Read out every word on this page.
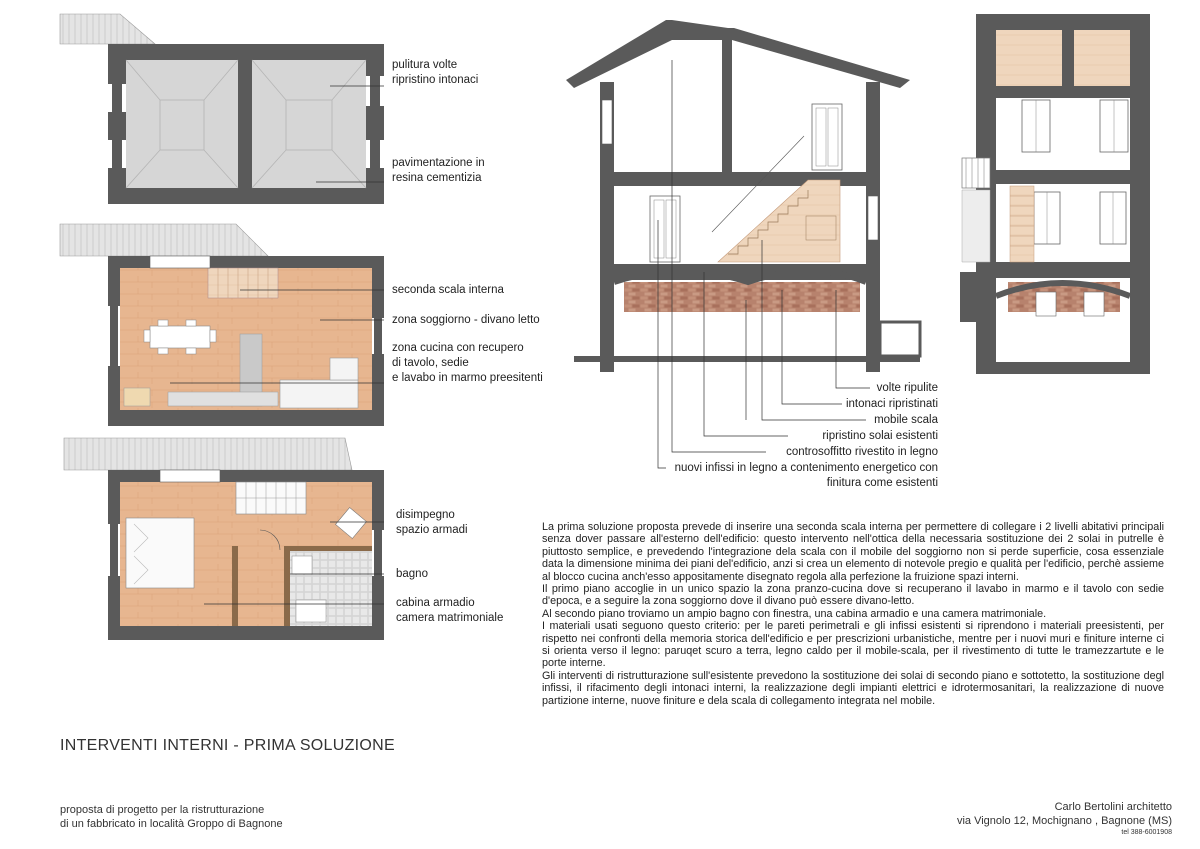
pulitura volte
ripristino intonaci
pavimentazione in
resina cementizia
seconda scala interna
zona soggiorno - divano letto
zona cucina con recupero
di tavolo, sedie
e lavabo in marmo preesitenti
disimpegno
spazio armadi
bagno
cabina armadio
camera matrimoniale
volte ripulite
intonaci ripristinati
mobile scala
ripristino solai esistenti
controsoffitto rivestito in legno
nuovi infissi in legno a contenimento energetico con
finitura come esistenti

La prima soluzione proposta prevede di inserire una seconda scala interna per permettere di collegare i 2 livelli abitativi principali senza dover passare all'esterno dell'edificio: questo intervento nell'ottica della necessaria sostituzione dei 2 solai in putrelle è piuttosto semplice, e prevedendo l'integrazione dela scala con il mobile del soggiorno non si perde superficie, cosa essenziale data la dimensione minima dei piani del'edificio, anzi si crea un elemento di notevole pregio e qualità per l'edificio, perchè assieme al blocco cucina anch'esso appositamente disegnato regola alla perfezione la fruizione spazi interni.

Il primo piano accoglie in un unico spazio la zona pranzo-cucina dove si recuperano il lavabo in marmo e il tavolo con sedie d'epoca, e a seguire la zona soggiorno dove il divano può essere divano-letto.

Al secondo piano troviamo un ampio bagno con finestra, una cabina armadio e una camera matrimoniale.

I materiali usati seguono questo criterio: per le pareti perimetrali e gli infissi esistenti si riprendono i materiali preesistenti, per rispetto nei confronti della memoria storica dell'edificio e per prescrizioni urbanistiche, mentre per i nuovi muri e finiture interne ci si orienta verso il legno: paruqet scuro a terra, legno caldo per il mobile-scala, per il rivestimento di tutte le tramezzartute e le porte interne.

Gli interventi di ristrutturazione sull'esistente prevedono la sostituzione dei solai di secondo piano e sottotetto, la sostituzione degl infissi, il rifacimento degli intonaci interni, la realizzazione degli impianti elettrici e idrotermosanitari, la realizzazione di nuove partizione interne, nuove finiture e dela scala di collegamento integrata nel mobile.

INTERVENTI INTERNI - PRIMA SOLUZIONE
proposta di progetto per la ristrutturazione
di un fabbricato in località Groppo di Bagnone
Carlo Bertolini architetto
via Vignolo 12, Mochignano , Bagnone (MS)
tel 388-6001908
